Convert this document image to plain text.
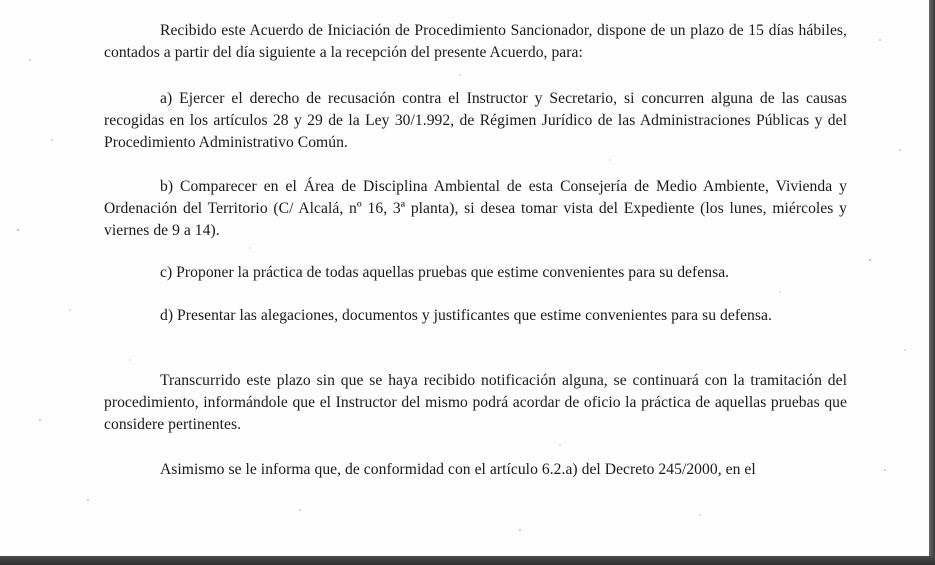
Recibido este Acuerdo de Iniciación de Procedimiento Sancionador, dispone de un plazo de 15 días hábiles, contados a partir del día siguiente a la recepción del presente Acuerdo, para:

a) Ejercer el derecho de recusación contra el Instructor y Secretario, si concurren alguna de las causas recogidas en los artículos 28 y 29 de la Ley 30/1.992, de Régimen Jurídico de las Administraciones Públicas y del Procedimiento Administrativo Común.

b) Comparecer en el Área de Disciplina Ambiental de esta Consejería de Medio Ambiente, Vivienda y Ordenación del Territorio (C/ Alcalá, nº 16, 3ª planta), si desea tomar vista del Expediente (los lunes, miércoles y viernes de 9 a 14).

c) Proponer la práctica de todas aquellas pruebas que estime convenientes para su defensa.

d) Presentar las alegaciones, documentos y justificantes que estime convenientes para su defensa.

Transcurrido este plazo sin que se haya recibido notificación alguna, se continuará con la tramitación del procedimiento, informándole que el Instructor del mismo podrá acordar de oficio la práctica de aquellas pruebas que considere pertinentes.

Asimismo se le informa que, de conformidad con el artículo 6.2.a) del Decreto 245/2000, en el
